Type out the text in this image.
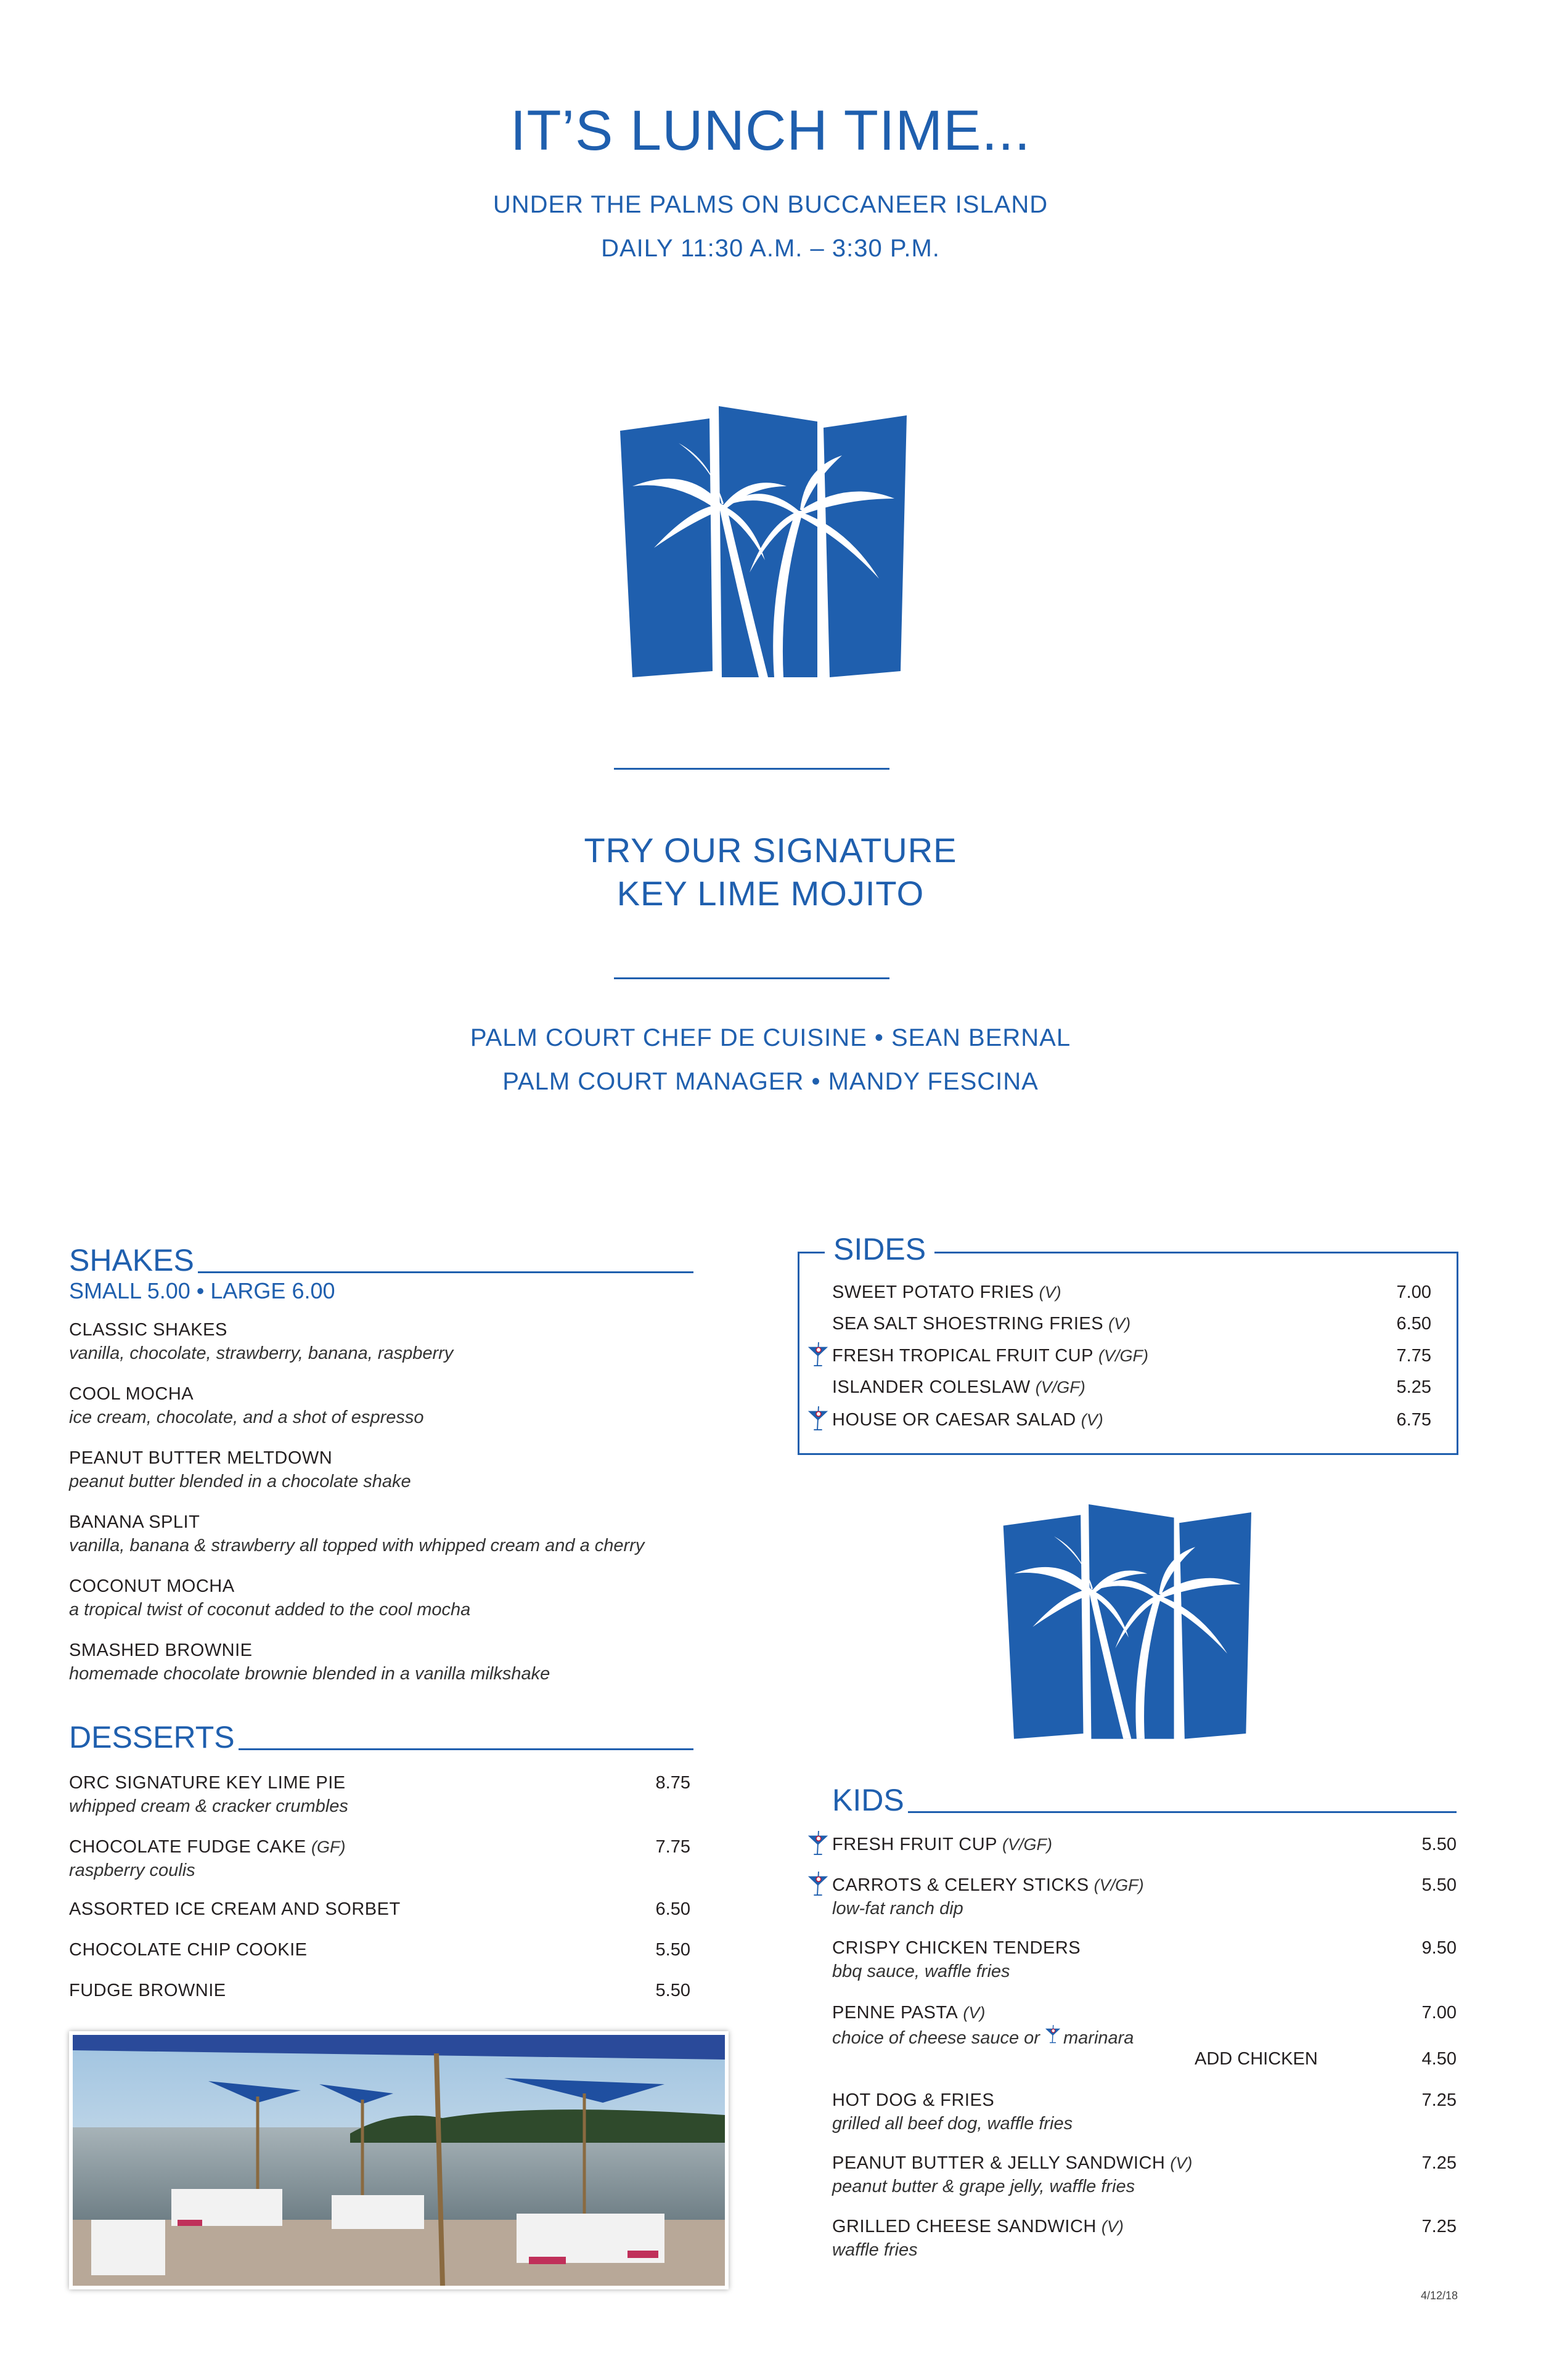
IT’S LUNCH TIME...
UNDER THE PALMS ON BUCCANEER ISLAND
DAILY 11:30 A.M. – 3:30 P.M.
TRY OUR SIGNATURE
KEY LIME MOJITO
PALM COURT CHEF DE CUISINE • SEAN BERNAL
PALM COURT MANAGER • MANDY FESCINA
SHAKES
SMALL 5.00 • LARGE 6.00
DESSERTS
SIDES
KIDS
ADD CHICKEN	4.50
4/12/18
CLASSIC SHAKES
vanilla, chocolate, strawberry, banana, raspberry
COOL MOCHA
ice cream, chocolate, and a shot of espresso
PEANUT BUTTER MELTDOWN
peanut butter blended in a chocolate shake
BANANA SPLIT
vanilla, banana & strawberry all topped with whipped cream and a cherry
COCONUT MOCHA
a tropical twist of coconut added to the cool mocha
SMASHED BROWNIE
homemade chocolate brownie blended in a vanilla milkshake
ORC SIGNATURE KEY LIME PIE	8.75
whipped cream & cracker crumbles
CHOCOLATE FUDGE CAKE (GF)	7.75
raspberry coulis
ASSORTED ICE CREAM AND SORBET	6.50
CHOCOLATE CHIP COOKIE	5.50
FUDGE BROWNIE	5.50
SWEET POTATO FRIES (V)	7.00
SEA SALT SHOESTRING FRIES (V)	6.50
FRESH TROPICAL FRUIT CUP (V/GF)	7.75
ISLANDER COLESLAW (V/GF)	5.25
HOUSE OR CAESAR SALAD (V)	6.75
FRESH FRUIT CUP (V/GF)	5.50
CARROTS & CELERY STICKS (V/GF)	5.50
low-fat ranch dip
CRISPY CHICKEN TENDERS	9.50
bbq sauce, waffle fries
PENNE PASTA (V)	7.00
choice of cheese sauce or marinara
HOT DOG & FRIES	7.25
grilled all beef dog, waffle fries
PEANUT BUTTER & JELLY SANDWICH (V)	7.25
peanut butter & grape jelly, waffle fries
GRILLED CHEESE SANDWICH (V)	7.25
waffle fries
